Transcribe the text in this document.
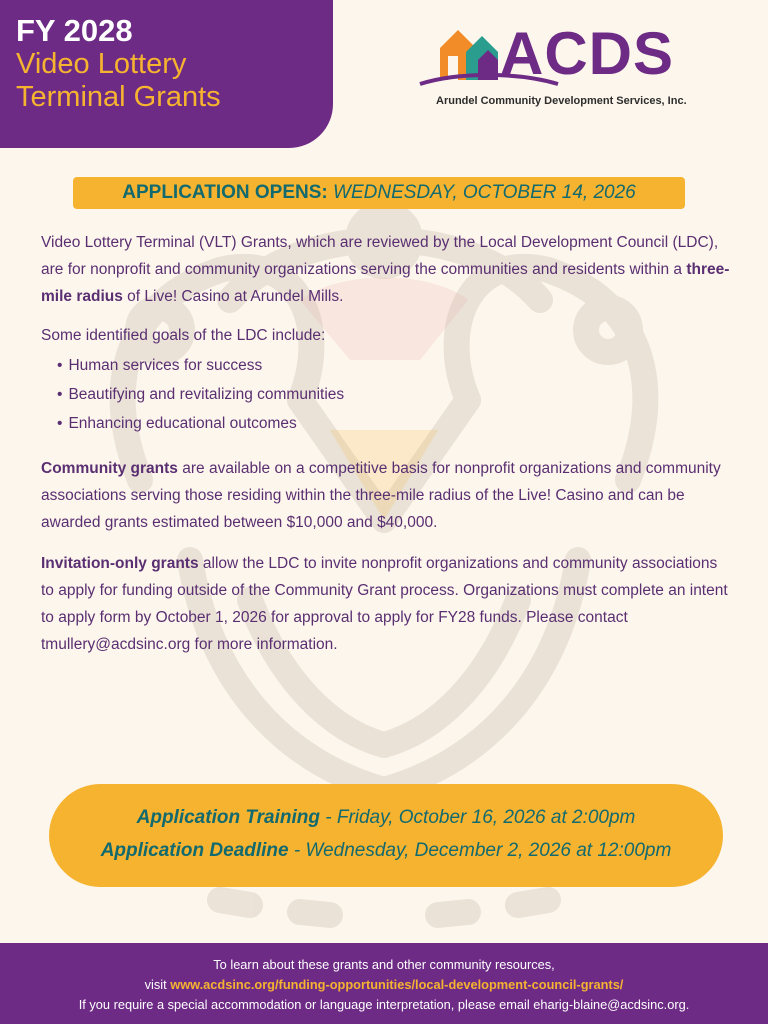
FY 2028
Video Lottery
Terminal Grants
ACDS
Arundel Community Development Services, Inc.
APPLICATION OPENS: WEDNESDAY, OCTOBER 14, 2026

Video Lottery Terminal (VLT) Grants, which are reviewed by the Local Development Council (LDC), are for nonprofit and community organizations serving the communities and residents within a three-mile radius of Live! Casino at Arundel Mills.

Some identified goals of the LDC include:

• Human services for success
• Beautifying and revitalizing communities
• Enhancing educational outcomes

Community grants are available on a competitive basis for nonprofit organizations and community associations serving those residing within the three-mile radius of the Live! Casino and can be awarded grants estimated between $10,000 and $40,000.

Invitation-only grants allow the LDC to invite nonprofit organizations and community associations to apply for funding outside of the Community Grant process. Organizations must complete an intent to apply form by October 1, 2026 for approval to apply for FY28 funds. Please contact tmullery@acdsinc.org for more information.

Application Training - Friday, October 16, 2026 at 2:00pm
Application Deadline - Wednesday, December 2, 2026 at 12:00pm
To learn about these grants and other community resources,
visit www.acdsinc.org/funding-opportunities/local-development-council-grants/
If you require a special accommodation or language interpretation, please email eharig-blaine@acdsinc.org.
